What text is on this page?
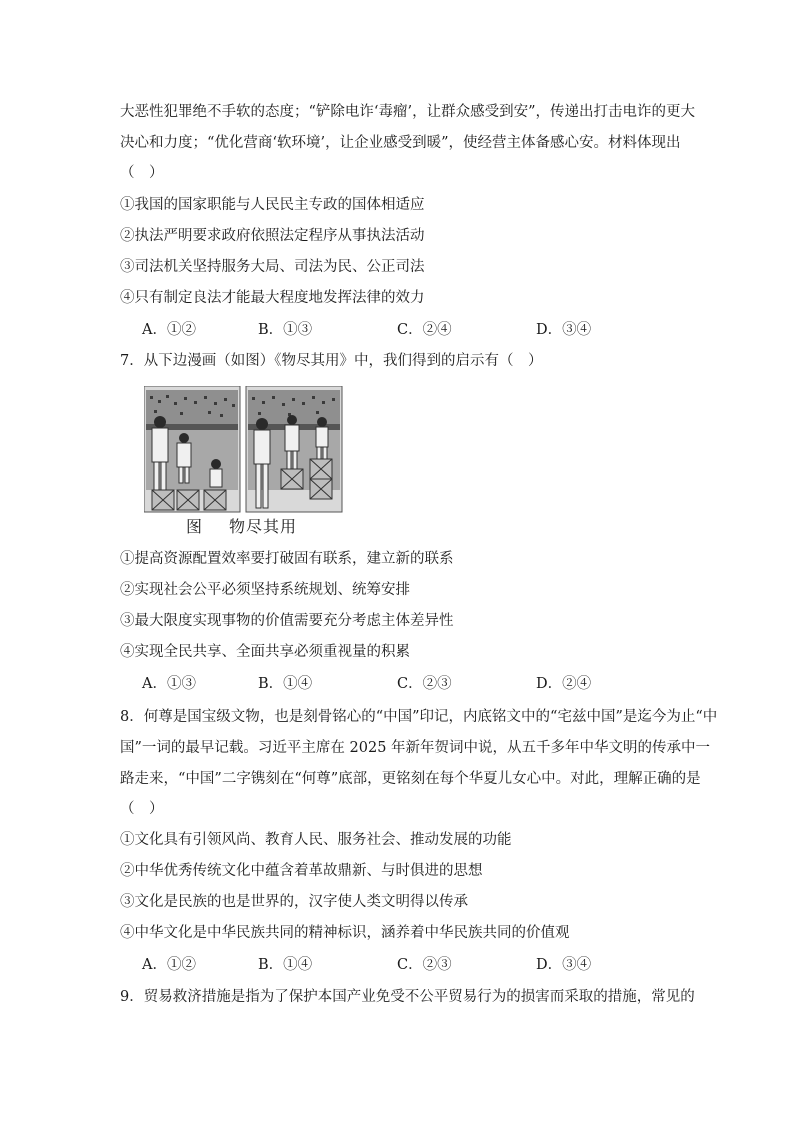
大恶性犯罪绝不手软的态度；“铲除电诈‘毒瘤’，让群众感受到安”，传递出打击电诈的更大
决心和力度；“优化营商‘软环境’，让企业感受到暖”，使经营主体备感心安。材料体现出
（　）
①我国的国家职能与人民民主专政的国体相适应
②执法严明要求政府依照法定程序从事执法活动
③司法机关坚持服务大局、司法为民、公正司法
④只有制定良法才能最大程度地发挥法律的效力
A．①②	B．①③	C．②④	D．③④
7．从下边漫画（如图）《物尽其用》中，我们得到的启示有（　）
图 物尽其用
①提高资源配置效率要打破固有联系，建立新的联系
②实现社会公平必须坚持系统规划、统筹安排
③最大限度实现事物的价值需要充分考虑主体差异性
④实现全民共享、全面共享必须重视量的积累
A．①③	B．①④	C．②③	D．②④
8．何尊是国宝级文物，也是刻骨铭心的“中国”印记，内底铭文中的“宅兹中国”是迄今为止“中
国”一词的最早记载。习近平主席在 2025 年新年贺词中说，从五千多年中华文明的传承中一
路走来，“中国”二字镌刻在“何尊”底部，更铭刻在每个华夏儿女心中。对此，理解正确的是
（　）
①文化具有引领风尚、教育人民、服务社会、推动发展的功能
②中华优秀传统文化中蕴含着革故鼎新、与时俱进的思想
③文化是民族的也是世界的，汉字使人类文明得以传承
④中华文化是中华民族共同的精神标识，涵养着中华民族共同的价值观
A．①②	B．①④	C．②③	D．③④
9．贸易救济措施是指为了保护本国产业免受不公平贸易行为的损害而采取的措施，常见的
